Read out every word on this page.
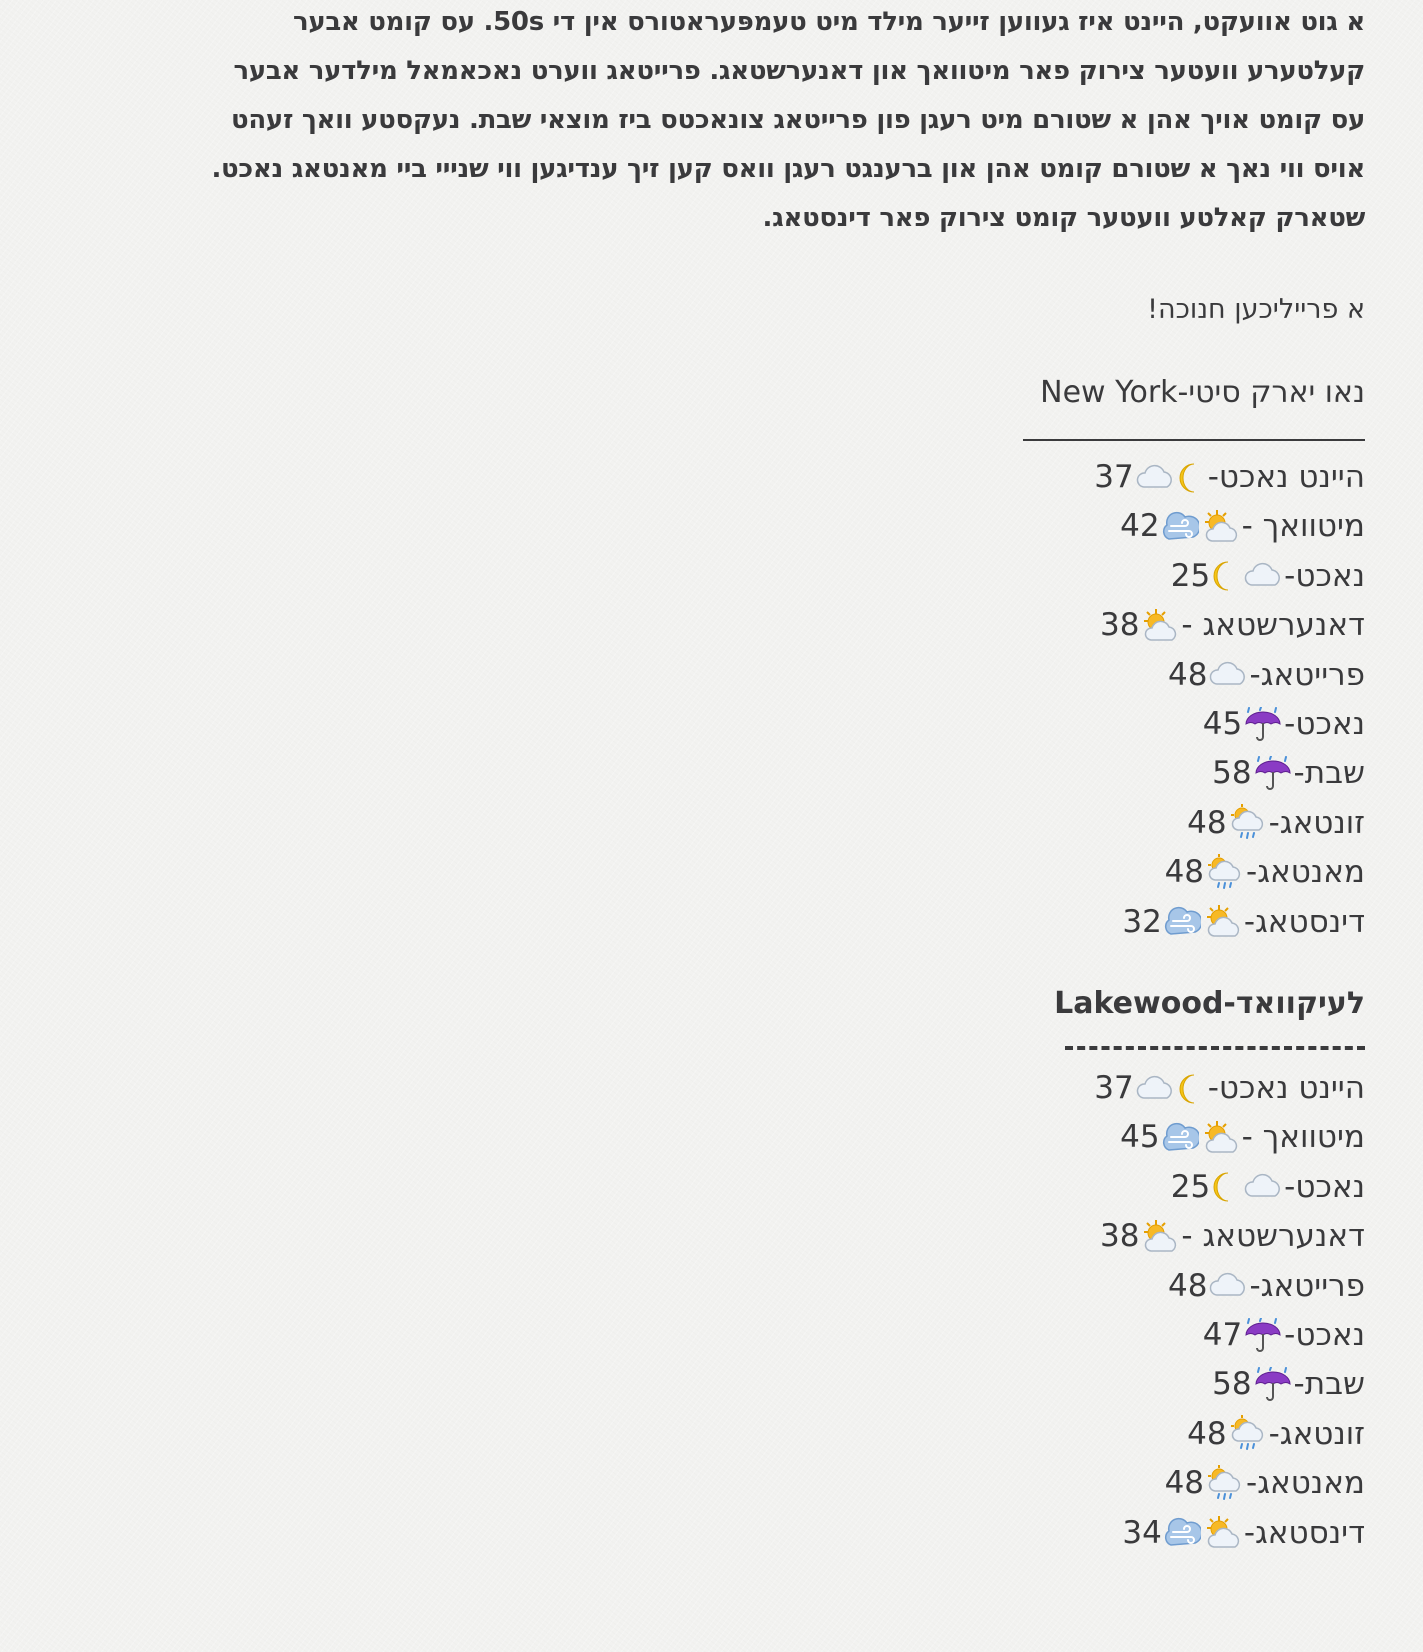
א גוט אוועקט, היינט איז געווען זייער מילד מיט טעמפּעראטורס אין די 50s. עס קומט אבער
קעלטערע וועטער צירוק פאר מיטוואך און דאנערשטאג. פרייטאג ווערט נאכאמאל מילדער אבער
עס קומט אויך אהן א שטורם מיט רעגן פון פרייטאג צונאכטס ביז מוצאי שבת. נעקסטע וואך זעהט
אויס ווי נאך א שטורם קומט אהן און ברענגט רעגן וואס קען זיך ענדיגען ווי שנייי ביי מאנטאג נאכט.
שטארק קאלטע וועטער קומט צירוק פאר דינסטאג.

א פרייליכען חנוכה!

נאו יארק סיטי-New York
היינט נאכט-
37
מיטוואך -
42
נאכט-
25
דאנערשטאג -
38
פרייטאג-
48
נאכט-
45
שבת-
58
זונטאג-
48
מאנטאג-
48
דינסטאג-
32
לעיקוואד-Lakewood
היינט נאכט-
37
מיטוואך -
45
נאכט-
25
דאנערשטאג -
38
פרייטאג-
48
נאכט-
47
שבת-
58
זונטאג-
48
מאנטאג-
48
דינסטאג-
34
